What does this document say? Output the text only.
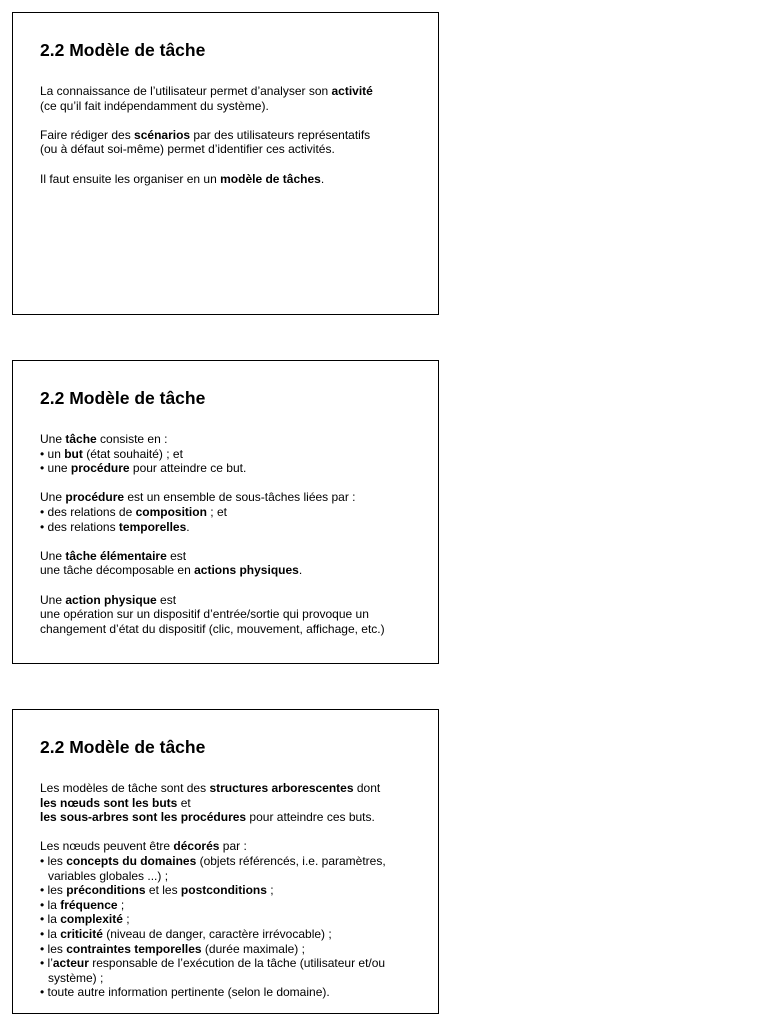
2.2 Modèle de tâche
La connaissance de l’utilisateur permet d’analyser son activité
(ce qu’il fait indépendamment du système).
Faire rédiger des scénarios par des utilisateurs représentatifs
(ou à défaut soi-même) permet d’identifier ces activités.
Il faut ensuite les organiser en un modèle de tâches.
2.2 Modèle de tâche
Une tâche consiste en :
• un but (état souhaité) ; et
• une procédure pour atteindre ce but.
Une procédure est un ensemble de sous-tâches liées par :
• des relations de composition ; et
• des relations temporelles.
Une tâche élémentaire est
une tâche décomposable en actions physiques.
Une action physique est
une opération sur un dispositif d’entrée/sortie qui provoque un
changement d’état du dispositif (clic, mouvement, affichage, etc.)
2.2 Modèle de tâche
Les modèles de tâche sont des structures arborescentes dont
les nœuds sont les buts et
les sous-arbres sont les procédures pour atteindre ces buts.
Les nœuds peuvent être décorés par :
• les concepts du domaines (objets référencés, i.e. paramètres,
variables globales ...) ;
• les préconditions et les postconditions ;
• la fréquence ;
• la complexité ;
• la criticité (niveau de danger, caractère irrévocable) ;
• les contraintes temporelles (durée maximale) ;
• l’acteur responsable de l’exécution de la tâche (utilisateur et/ou
système) ;
• toute autre information pertinente (selon le domaine).
